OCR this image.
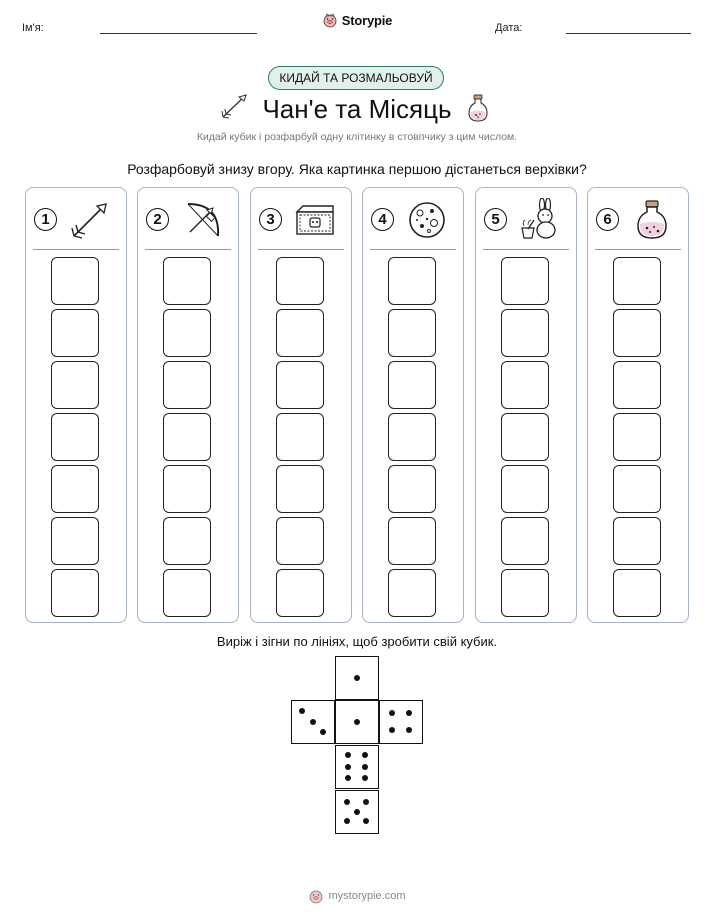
Ім'я:
Storypie
Дата:
КИДАЙ ТА РОЗМАЛЬОВУЙ
Чан'е та Місяць
Кидай кубик і розфарбуй одну клітинку в стовпчику з цим числом.
Розфарбовуй знизу вгору. Яка картинка першою дістанеться верхівки?
1	2	3	4	5	6
Виріж і зігни по лініях, щоб зробити свій кубик.
mystorypie.com
